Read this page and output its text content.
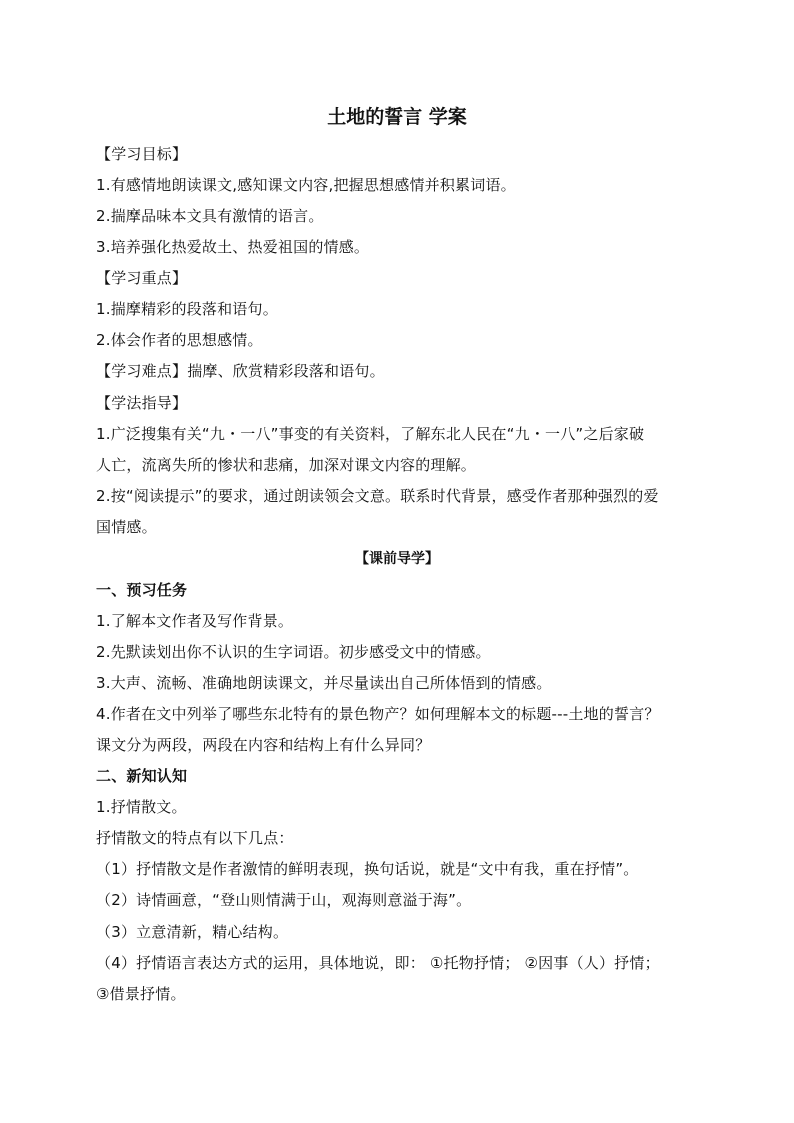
土地的誓言 学案
【学习目标】
1.有感情地朗读课文,感知课文内容,把握思想感情并积累词语。
2.揣摩品味本文具有激情的语言。
3.培养强化热爱故土、热爱祖国的情感。
【学习重点】
1.揣摩精彩的段落和语句。
2.体会作者的思想感情。
【学习难点】揣摩、欣赏精彩段落和语句。
【学法指导】
1.广泛搜集有关“九・一八”事变的有关资料，了解东北人民在“九・一八”之后家破
人亡，流离失所的惨状和悲痛，加深对课文内容的理解。
2.按“阅读提示”的要求，通过朗读领会文意。联系时代背景，感受作者那种强烈的爱
国情感。
【课前导学】
一、预习任务
1.了解本文作者及写作背景。
2.先默读划出你不认识的生字词语。初步感受文中的情感。
3.大声、流畅、准确地朗读课文，并尽量读出自己所体悟到的情感。
4.作者在文中列举了哪些东北特有的景色物产？如何理解本文的标题---土地的誓言？
课文分为两段，两段在内容和结构上有什么异同？
二、新知认知
1.抒情散文。
抒情散文的特点有以下几点：
（1）抒情散文是作者激情的鲜明表现，换句话说，就是“文中有我，重在抒情”。
（2）诗情画意，“登山则情满于山，观海则意溢于海”。
（3）立意清新，精心结构。
（4）抒情语言表达方式的运用，具体地说，即： ①托物抒情； ②因事（人）抒情；
③借景抒情。
